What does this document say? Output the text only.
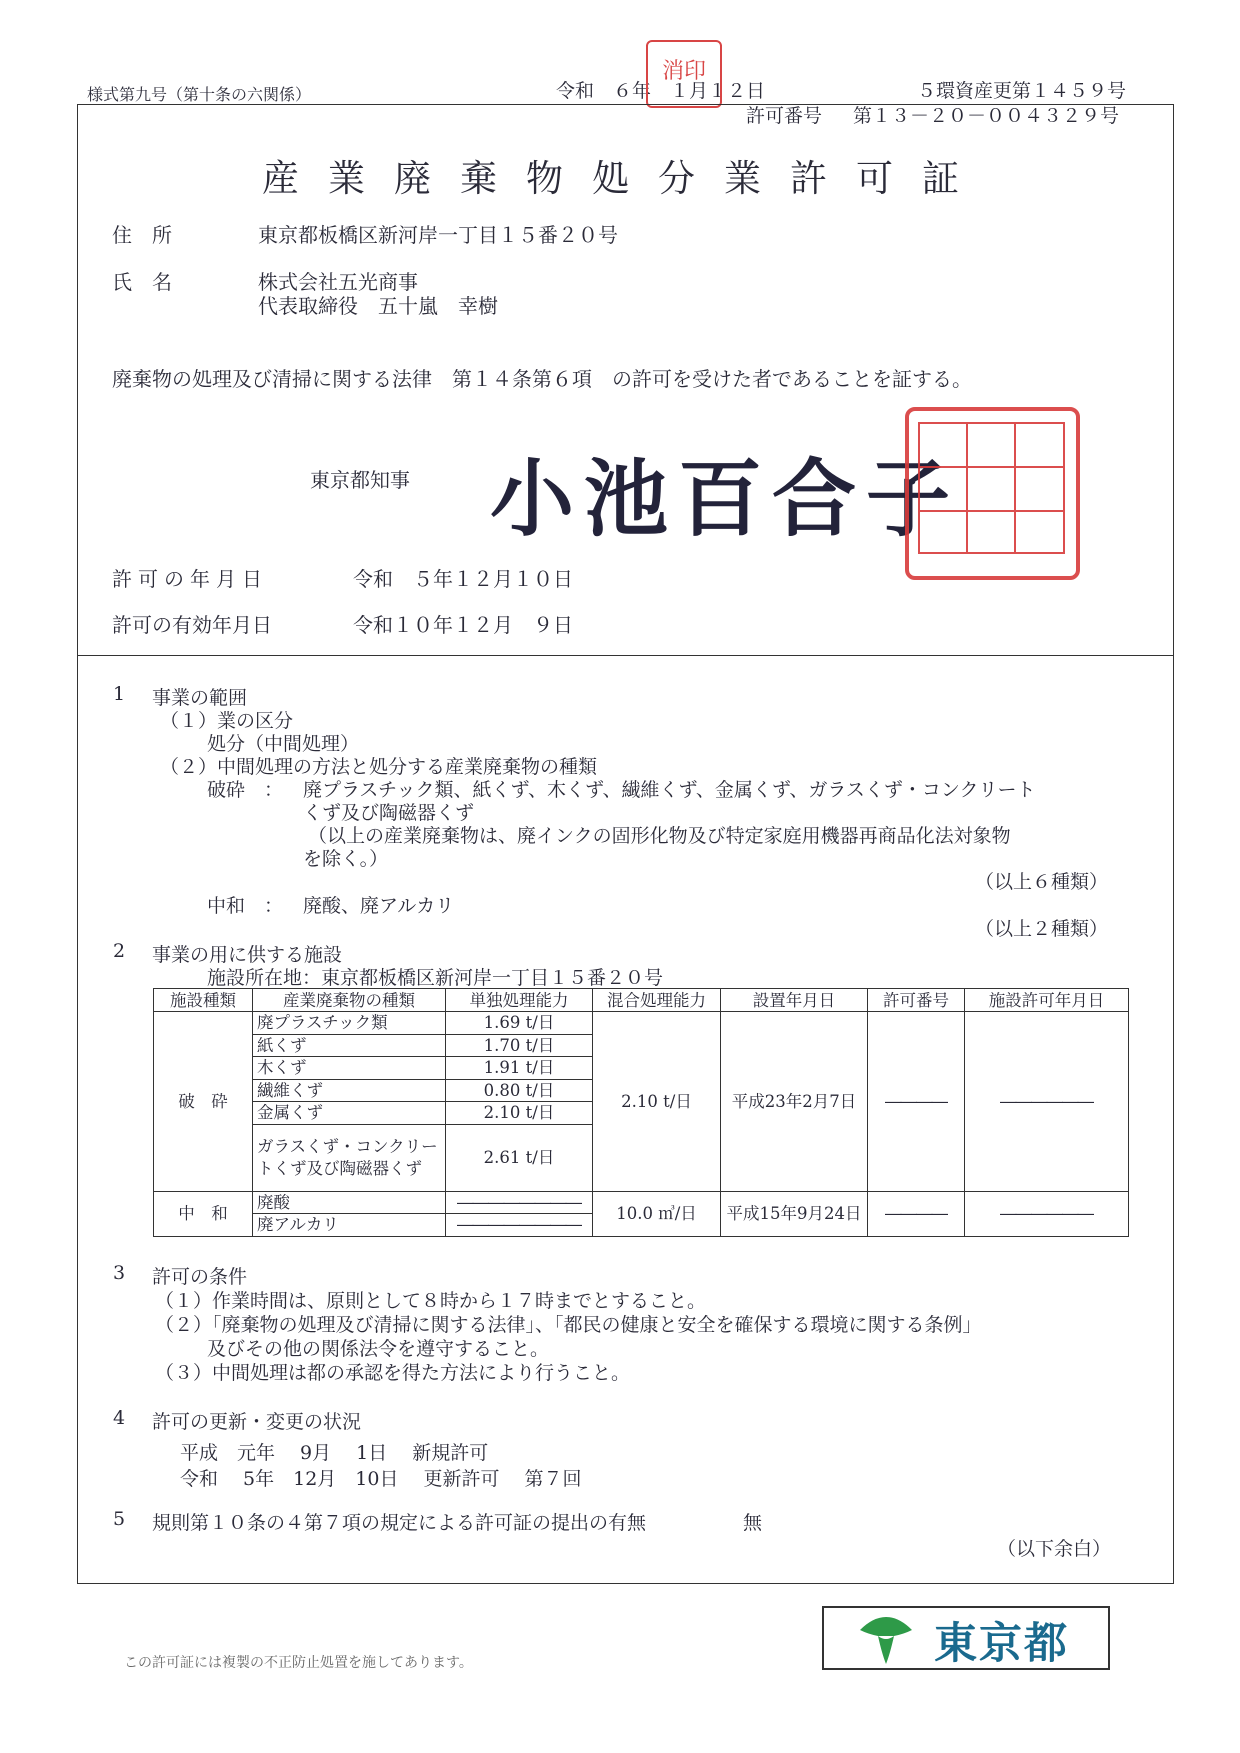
様式第九号（第十条の六関係）	令和　６年　１月１２日
消印
５環資産更第１４５９号
許可番号 第１３－２０－００４３２９号
産業廃棄物処分業許可証
住　所	東京都板橋区新河岸一丁目１５番２０号
氏　名	株式会社五光商事
代表取締役　五十嵐　幸樹
廃棄物の処理及び清掃に関する法律　第１４条第６項　の許可を受けた者であることを証する。
東京都知事 小池百合子
許可の年月日	令和　５年１２月１０日
許可の有効年月日	令和１０年１２月　９日
1 事業の範囲
（１）業の区分
処分（中間処理）
（２）中間処理の方法と処分する産業廃棄物の種類
破砕　： 廃プラスチック類、紙くず、木くず、繊維くず、金属くず、ガラスくず・コンクリート
くず及び陶磁器くず
（以上の産業廃棄物は、廃インクの固形化物及び特定家庭用機器再商品化法対象物
を除く。）
（以上６種類）
中和　： 廃酸、廃アルカリ
（以上２種類）
2 事業の用に供する施設
施設所在地：東京都板橋区新河岸一丁目１５番２０号
施設種類	産業廃棄物の種類	単独処理能力	混合処理能力	設置年月日	許可番号	施設許可年月日
破　砕	廃プラスチック類	1.69 t/日	2.10 t/日	平成23年2月7日	――――	――――――
	紙くず	1.70 t/日				
	木くず	1.91 t/日				
	繊維くず	0.80 t/日				
	金属くず	2.10 t/日				
	ガラスくず・コンクリートくず及び陶磁器くず	2.61 t/日				
中　和	廃酸	――――――――	10.0 ㎥/日	平成15年9月24日	――――	――――――
	廃アルカリ	――――――――				
3 許可の条件
（１）作業時間は、原則として８時から１７時までとすること。
（２）「廃棄物の処理及び清掃に関する法律」、「都民の健康と安全を確保する環境に関する条例」
及びその他の関係法令を遵守すること。
（３）中間処理は都の承認を得た方法により行うこと。
4 許可の更新・変更の状況
平成　元年　 9月　 1日　 新規許可
令和　 5年　12月　10日　 更新許可　 第７回
5 規則第１０条の４第７項の規定による許可証の提出の有無	無
（以下余白）
この許可証には複製の不正防止処置を施してあります。	東京都
